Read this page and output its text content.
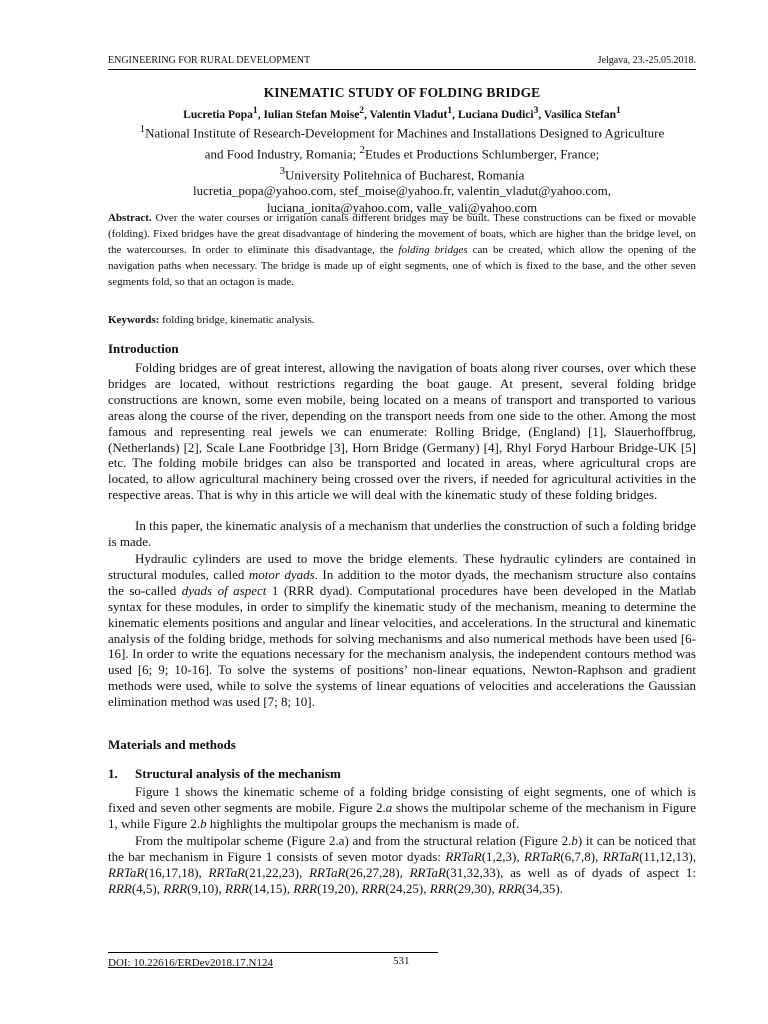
ENGINEERING FOR RURAL DEVELOPMENT	Jelgava, 23.-25.05.2018.
KINEMATIC STUDY OF FOLDING BRIDGE
Lucretia Popa$^1$, Iulian Stefan Moise$^2$, Valentin Vladut$^1$, Luciana Dudici$^3$, Vasilica Stefan$^1$
$^1$National Institute of Research-Development for Machines and Installations Designed to Agriculture
and Food Industry, Romania; $^2$Etudes et Productions Schlumberger, France;
$^3$University Politehnica of Bucharest, Romania
lucretia_popa@yahoo.com, stef_moise@yahoo.fr, valentin_vladut@yahoo.com,
luciana_ionita@yahoo.com, valle_vali@yahoo.com
Abstract. Over the water courses or irrigation canals different bridges may be built. These constructions can be fixed or movable (folding). Fixed bridges have the great disadvantage of hindering the movement of boats, which are higher than the bridge level, on the watercourses. In order to eliminate this disadvantage, the folding bridges can be created, which allow the opening of the navigation paths when necessary. The bridge is made up of eight segments, one of which is fixed to the base, and the other seven segments fold, so that an octagon is made.
Keywords: folding bridge, kinematic analysis.
Introduction
Folding bridges are of great interest, allowing the navigation of boats along river courses, over which these bridges are located, without restrictions regarding the boat gauge. At present, several folding bridge constructions are known, some even mobile, being located on a means of transport and transported to various areas along the course of the river, depending on the transport needs from one side to the other. Among the most famous and representing real jewels we can enumerate: Rolling Bridge, (England) [1], Slauerhoffbrug, (Netherlands) [2], Scale Lane Footbridge [3], Horn Bridge (Germany) [4], Rhyl Foryd Harbour Bridge-UK [5] etc. The folding mobile bridges can also be transported and located in areas, where agricultural crops are located, to allow agricultural machinery being crossed over the rivers, if needed for agricultural activities in the respective areas. That is why in this article we will deal with the kinematic study of these folding bridges.
In this paper, the kinematic analysis of a mechanism that underlies the construction of such a folding bridge is made.
Hydraulic cylinders are used to move the bridge elements. These hydraulic cylinders are contained in structural modules, called motor dyads. In addition to the motor dyads, the mechanism structure also contains the so-called dyads of aspect 1 (RRR dyad). Computational procedures have been developed in the Matlab syntax for these modules, in order to simplify the kinematic study of the mechanism, meaning to determine the kinematic elements positions and angular and linear velocities, and accelerations. In the structural and kinematic analysis of the folding bridge, methods for solving mechanisms and also numerical methods have been used [6-16]. In order to write the equations necessary for the mechanism analysis, the independent contours method was used [6; 9; 10-16]. To solve the systems of positions’ non-linear equations, Newton-Raphson and gradient methods were used, while to solve the systems of linear equations of velocities and accelerations the Gaussian elimination method was used [7; 8; 10].
Materials and methods
1. Structural analysis of the mechanism
Figure 1 shows the kinematic scheme of a folding bridge consisting of eight segments, one of which is fixed and seven other segments are mobile. Figure 2.a shows the multipolar scheme of the mechanism in Figure 1, while Figure 2.b highlights the multipolar groups the mechanism is made of.
From the multipolar scheme (Figure 2.a) and from the structural relation (Figure 2.b) it can be noticed that the bar mechanism in Figure 1 consists of seven motor dyads: RRTaR(1,2,3), RRTaR(6,7,8), RRTaR(11,12,13), RRTaR(16,17,18), RRTaR(21,22,23), RRTaR(26,27,28), RRTaR(31,32,33), as well as of dyads of aspect 1: RRR(4,5), RRR(9,10), RRR(14,15), RRR(19,20), RRR(24,25), RRR(29,30), RRR(34,35).
DOI: 10.22616/ERDev2018.17.N124	531
